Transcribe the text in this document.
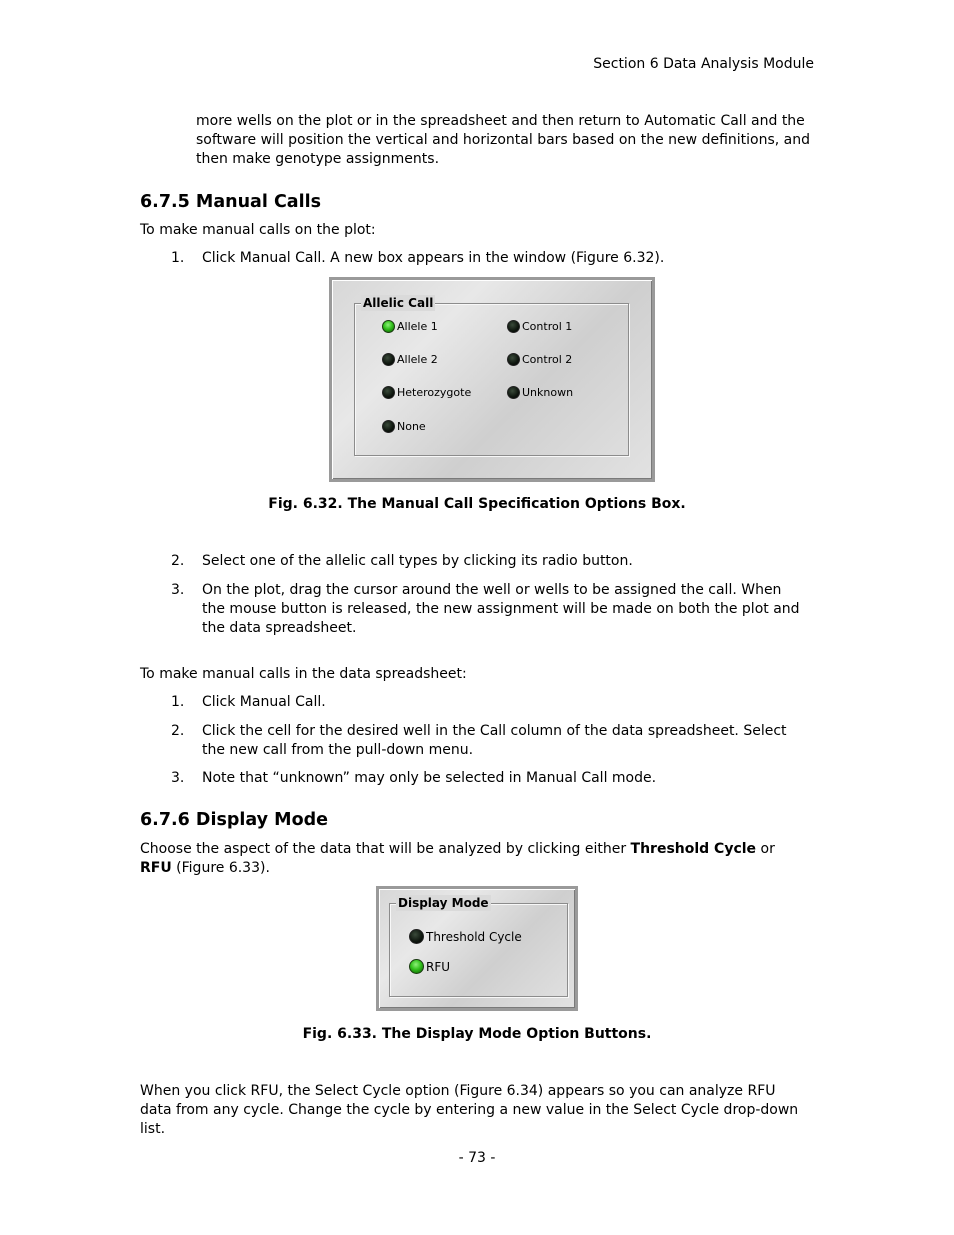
Section 6 Data Analysis Module

more wells on the plot or in the spreadsheet and then return to Automatic Call and the software will position the vertical and horizontal bars based on the new definitions, and then make genotype assignments.

6.7.5 Manual Calls
To make manual calls on the plot:
1. Click Manual Call. A new box appears in the window (Figure 6.32).
Allelic Call
Allele 1
Allele 2
Heterozygote
None
Control 1
Control 2
Unknown
Fig. 6.32. The Manual Call Specification Options Box.
2. Select one of the allelic call types by clicking its radio button.
3. On the plot, drag the cursor around the well or wells to be assigned the call. When the mouse button is released, the new assignment will be made on both the plot and the data spreadsheet.
To make manual calls in the data spreadsheet:
1. Click Manual Call.
2. Click the cell for the desired well in the Call column of the data spreadsheet. Select the new call from the pull-down menu.
3. Note that “unknown” may only be selected in Manual Call mode.
6.7.6 Display Mode
Choose the aspect of the data that will be analyzed by clicking either Threshold Cycle or RFU (Figure 6.33).
Display Mode
Threshold Cycle
RFU
Fig. 6.33. The Display Mode Option Buttons.

When you click RFU, the Select Cycle option (Figure 6.34) appears so you can analyze RFU data from any cycle. Change the cycle by entering a new value in the Select Cycle drop-down list.

- 73 -
